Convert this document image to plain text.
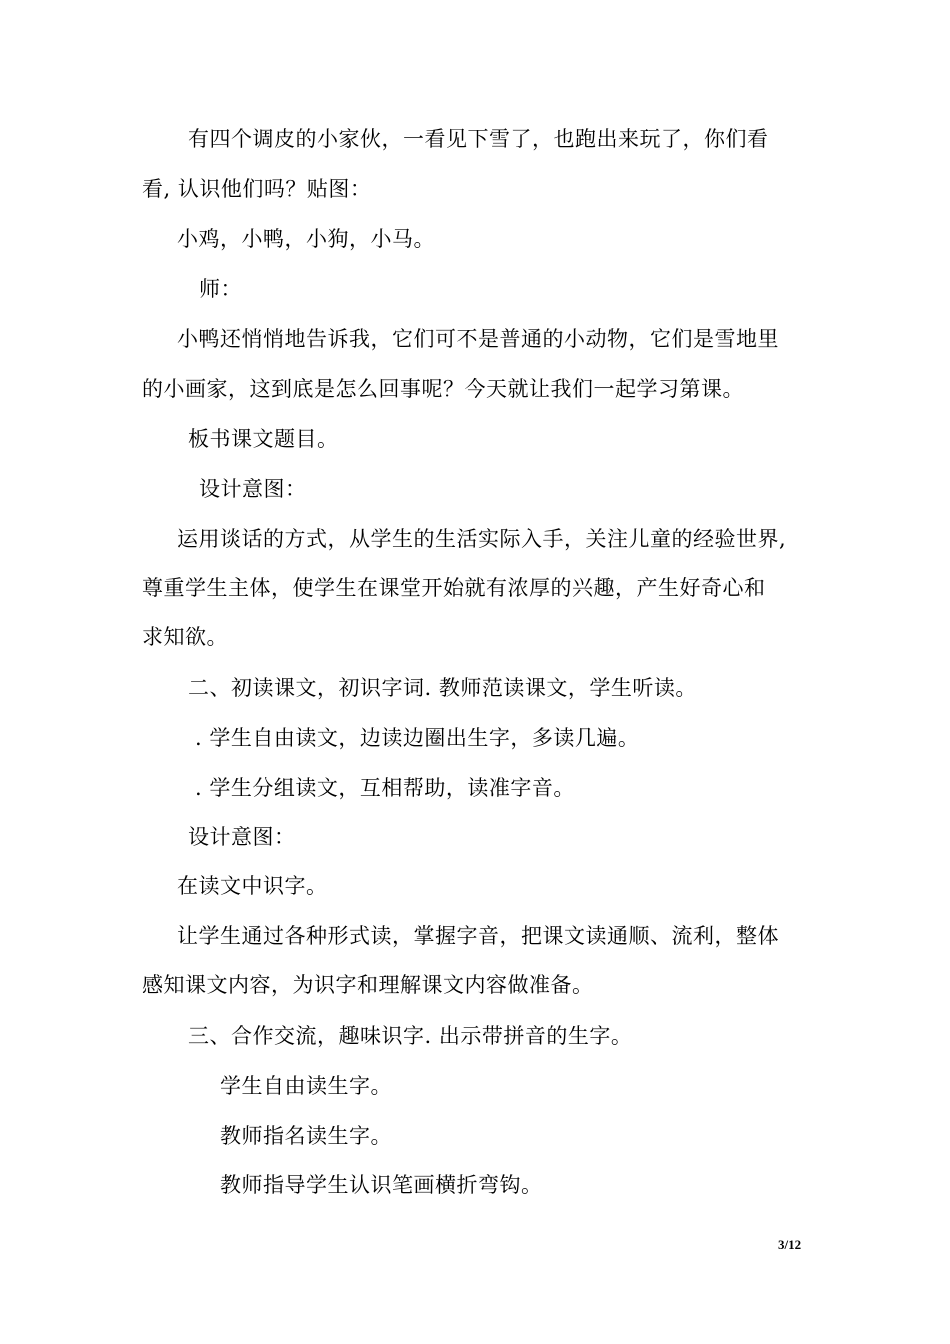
有四个调皮的小家伙，一看见下雪了，也跑出来玩了，你们看
看, 认识他们吗？贴图：
小鸡，小鸭，小狗，小马。
师：
小鸭还悄悄地告诉我，它们可不是普通的小动物，它们是雪地里
的小画家，这到底是怎么回事呢？今天就让我们一起学习第课。
板书课文题目。
设计意图：
运用谈话的方式，从学生的生活实际入手，关注儿童的经验世界,
尊重学生主体，使学生在课堂开始就有浓厚的兴趣，产生好奇心和
求知欲。
二、初读课文，初识字词. 教师范读课文，学生听读。
. 学生自由读文，边读边圈出生字，多读几遍。
. 学生分组读文，互相帮助，读准字音。
设计意图：
在读文中识字。
让学生通过各种形式读，掌握字音，把课文读通顺、流利，整体
感知课文内容，为识字和理解课文内容做准备。
三、合作交流，趣味识字. 出示带拼音的生字。
学生自由读生字。
教师指名读生字。
教师指导学生认识笔画横折弯钩。
3/12
